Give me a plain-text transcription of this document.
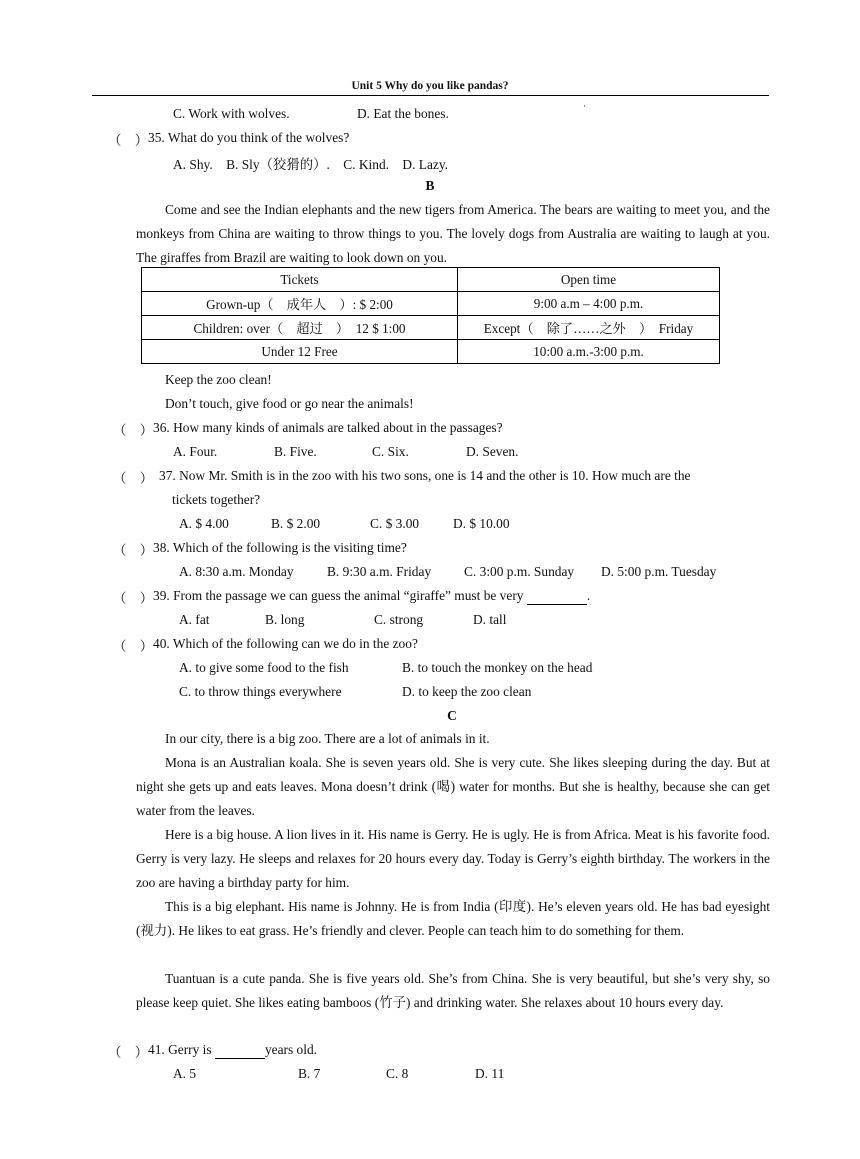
Unit 5 Why do you like pandas?
·
C. Work with wolves.	D. Eat the bones.
（　） 35. What do you think of the wolves?
A. Shy.    B. Sly（狡猾的）.    C. Kind.    D. Lazy.
B
Come and see the Indian elephants and the new tigers from America. The bears are waiting to meet you, and the monkeys from China are waiting to throw things to you. The lovely dogs from Australia are waiting to laugh at you. The giraffes from Brazil are waiting to look down on you.
Tickets	Open time
Grown-up（　成年人　）: $ 2:00	9:00 a.m – 4:00 p.m.
Children: over（　超过　）　12 $ 1:00	Except（　除了……之外　）　Friday
Under 12 Free	10:00 a.m.-3:00 p.m.
Keep the zoo clean!
Don’t touch, give food or go near the animals!
（　） 36. How many kinds of animals are talked about in the passages?
A. Four.	B. Five.	C. Six.	D. Seven.
（　） 37. Now Mr. Smith is in the zoo with his two sons, one is 14 and the other is 10. How much are the
tickets together?
A. $ 4.00	B. $ 2.00	C. $ 3.00	D. $ 10.00
（　） 38. Which of the following is the visiting time?
A. 8:30 a.m. Monday B. 9:30 a.m. Friday C. 3:00 p.m. Sunday D. 5:00 p.m. Tuesday
（　） 39. From the passage we can guess the animal “giraffe” must be very	.
A. fat	B. long	C. strong	D. tall
（　） 40. Which of the following can we do in the zoo?
A. to give some food to the fish	B. to touch the monkey on the head
C. to throw things everywhere	D. to keep the zoo clean
C
In our city, there is a big zoo. There are a lot of animals in it.
Mona is an Australian koala. She is seven years old. She is very cute. She likes sleeping during the day. But at night she gets up and eats leaves. Mona doesn’t drink (喝) water for months. But she is healthy, because she can get water from the leaves.
Here is a big house. A lion lives in it. His name is Gerry. He is ugly. He is from Africa. Meat is his favorite food. Gerry is very lazy. He sleeps and relaxes for 20 hours every day. Today is Gerry’s eighth birthday. The workers in the zoo are having a birthday party for him.
This is a big elephant. His name is Johnny. He is from India (印度). He’s eleven years old. He has bad eyesight (视力). He likes to eat grass. He’s friendly and clever. People can teach him to do something for them.
Tuantuan is a cute panda. She is five years old. She’s from China. She is very beautiful, but she’s very shy, so please keep quiet. She likes eating bamboos (竹子) and drinking water. She relaxes about 10 hours every day.
（　） 41. Gerry is	years old.
A. 5	B. 7	C. 8	D. 11
